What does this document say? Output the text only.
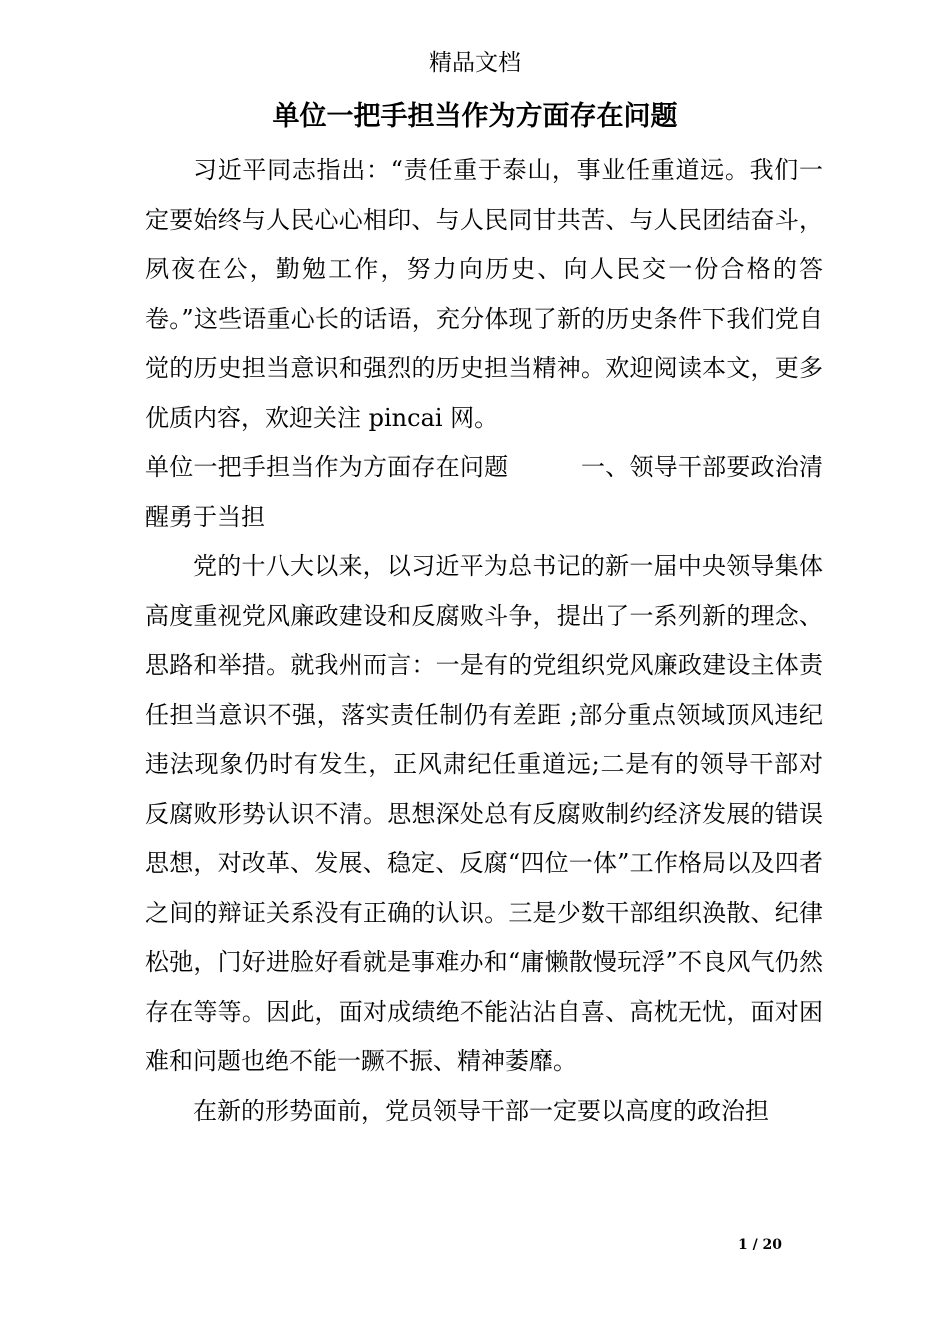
精品文档
单位一把手担当作为方面存在问题

习近平同志指出：“责任重于泰山，事业任重道远。我们一定要始终与人民心心相印、与人民同甘共苦、与人民团结奋斗，夙夜在公，勤勉工作，努力向历史、向人民交一份合格的答卷。”这些语重心长的话语，充分体现了新的历史条件下我们党自觉的历史担当意识和强烈的历史担当精神。欢迎阅读本文，更多优质内容，欢迎关注 pincai 网。

单位一把手担当作为方面存在问题　　　一、领导干部要政治清醒勇于当担

党的十八大以来，以习近平为总书记的新一届中央领导集体高度重视党风廉政建设和反腐败斗争，提出了一系列新的理念、思路和举措。就我州而言：一是有的党组织党风廉政建设主体责任担当意识不强，落实责任制仍有差距 ;部分重点领域顶风违纪违法现象仍时有发生，正风肃纪任重道远;二是有的领导干部对反腐败形势认识不清。思想深处总有反腐败制约经济发展的错误思想，对改革、发展、稳定、反腐“四位一体”工作格局以及四者之间的辩证关系没有正确的认识。三是少数干部组织涣散、纪律松弛，门好进脸好看就是事难办和“庸懒散慢玩浮”不良风气仍然存在等等。因此，面对成绩绝不能沾沾自喜、高枕无忧，面对困难和问题也绝不能一蹶不振、精神萎靡。

在新的形势面前，党员领导干部一定要以高度的政治担

1 / 20
